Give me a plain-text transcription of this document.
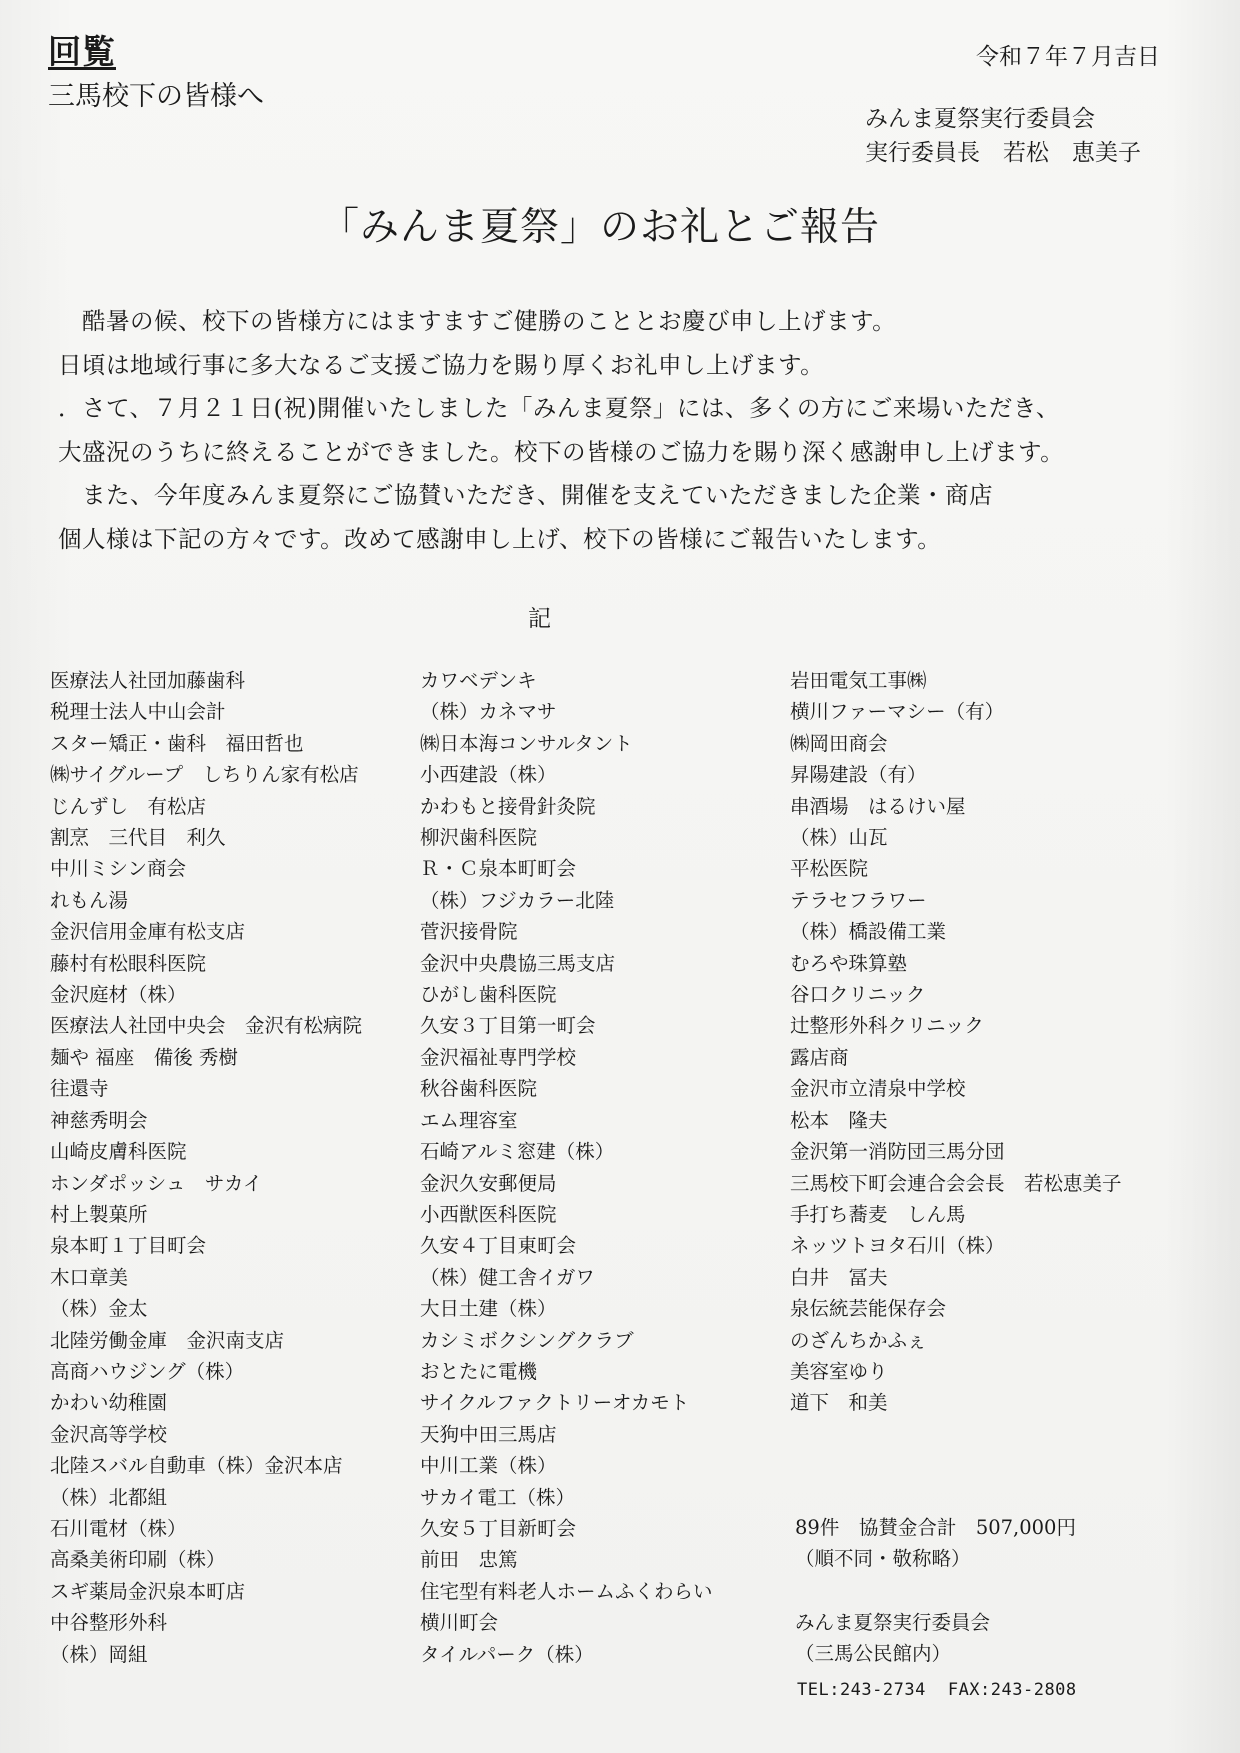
回覧
三馬校下の皆様へ
令和７年７月吉日
みんま夏祭実行委員会
実行委員長　若松　恵美子
「みんま夏祭」のお礼とご報告
　酷暑の候、校下の皆様方にはますますご健勝のこととお慶び申し上げます。
日頃は地域行事に多大なるご支援ご協力を賜り厚くお礼申し上げます。
．さて、７月２１日(祝)開催いたしました「みんま夏祭」には、多くの方にご来場いただき、
大盛況のうちに終えることができました。校下の皆様のご協力を賜り深く感謝申し上げます。
　また、今年度みんま夏祭にご協賛いただき、開催を支えていただきました企業・商店
個人様は下記の方々です。改めて感謝申し上げ、校下の皆様にご報告いたします。
記
医療法人社団加藤歯科
税理士法人中山会計
スター矯正・歯科　福田哲也
㈱サイグループ　しちりん家有松店
じんずし　有松店
割烹　三代目　利久
中川ミシン商会
れもん湯
金沢信用金庫有松支店
藤村有松眼科医院
金沢庭材（株）
医療法人社団中央会　金沢有松病院
麺や 福座　備後 秀樹
往還寺
神慈秀明会
山崎皮膚科医院
ホンダポッシュ　サカイ
村上製菓所
泉本町１丁目町会
木口章美
（株）金太
北陸労働金庫　金沢南支店
高商ハウジング（株）
かわい幼稚園
金沢高等学校
北陸スバル自動車（株）金沢本店
（株）北都組
石川電材（株）
高桑美術印刷（株）
スギ薬局金沢泉本町店
中谷整形外科
（株）岡組
カワベデンキ
（株）カネマサ
㈱日本海コンサルタント
小西建設（株）
かわもと接骨針灸院
柳沢歯科医院
Ｒ・Ｃ泉本町町会
（株）フジカラー北陸
菅沢接骨院
金沢中央農協三馬支店
ひがし歯科医院
久安３丁目第一町会
金沢福祉専門学校
秋谷歯科医院
エム理容室
石崎アルミ窓建（株）
金沢久安郵便局
小西獣医科医院
久安４丁目東町会
（株）健工舎イガワ
大日土建（株）
カシミボクシングクラブ
おとたに電機
サイクルファクトリーオカモト
天狗中田三馬店
中川工業（株）
サカイ電工（株）
久安５丁目新町会
前田　忠篤
住宅型有料老人ホームふくわらい
横川町会
タイルパーク（株）
岩田電気工事㈱
横川ファーマシー（有）
㈱岡田商会
昇陽建設（有）
串酒場　はるけい屋
（株）山瓦
平松医院
テラセフラワー
（株）橋設備工業
むろや珠算塾
谷口クリニック
辻整形外科クリニック
露店商
金沢市立清泉中学校
松本　隆夫
金沢第一消防団三馬分団
三馬校下町会連合会会長　若松恵美子
手打ち蕎麦　しん馬
ネッツトヨタ石川（株）
白井　冨夫
泉伝統芸能保存会
のざんちかふぇ
美容室ゆり
道下　和美
89件　協賛金合計　507,000円
（順不同・敬称略）
みんま夏祭実行委員会
（三馬公民館内）
TEL:243-2734 FAX:243-2808
